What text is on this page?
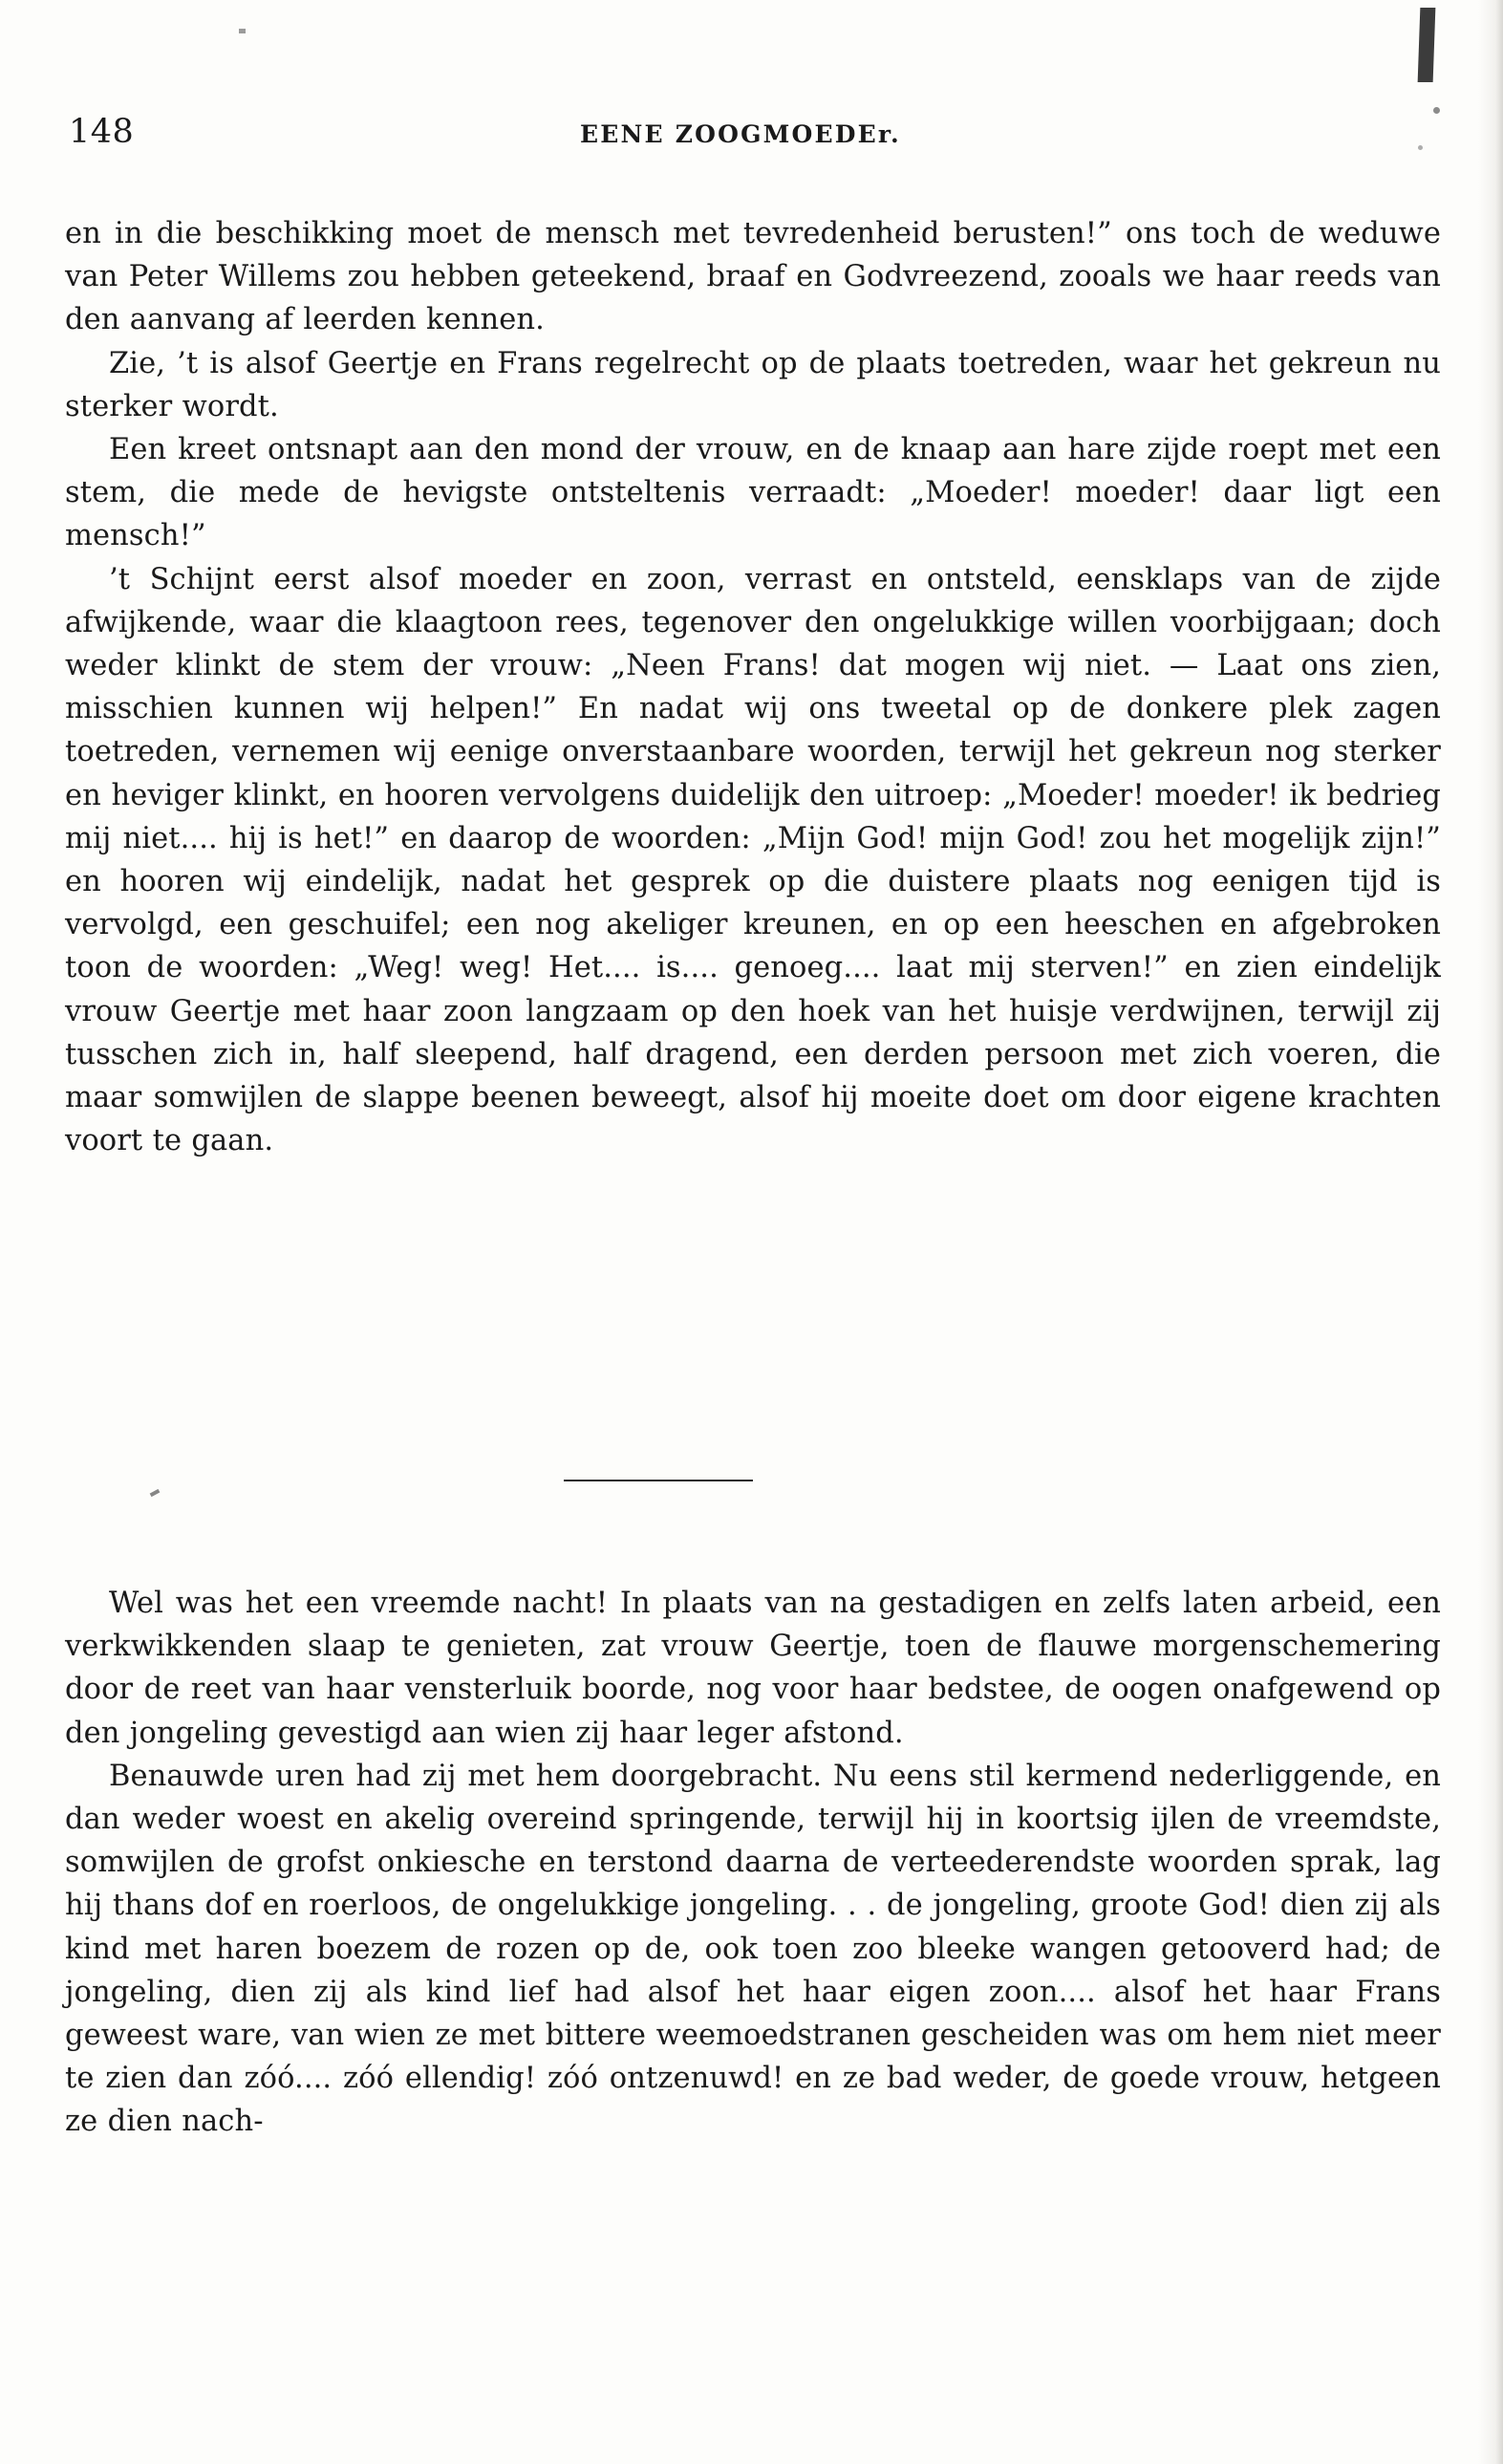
148	EENE ZOOGMOEDEr.

en in die beschikking moet de mensch met tevredenheid berusten!” ons toch de weduwe van Peter Willems zou hebben geteekend, braaf en Godvreezend, zooals we haar reeds van den aanvang af leerden kennen.

Zie, ’t is alsof Geertje en Frans regelrecht op de plaats toetreden, waar het gekreun nu sterker wordt.

Een kreet ontsnapt aan den mond der vrouw, en de knaap aan hare zijde roept met een stem, die mede de hevigste ontsteltenis verraadt: „Moeder! moeder! daar ligt een mensch!”

’t Schijnt eerst alsof moeder en zoon, verrast en ontsteld, eensklaps van de zijde afwijkende, waar die klaagtoon rees, tegenover den ongelukkige willen voorbijgaan; doch weder klinkt de stem der vrouw: „Neen Frans! dat mogen wij niet. — Laat ons zien, misschien kunnen wij helpen!” En nadat wij ons tweetal op de donkere plek zagen toetreden, vernemen wij eenige onverstaanbare woorden, terwijl het gekreun nog sterker en heviger klinkt, en hooren vervolgens duidelijk den uitroep: „Moeder! moeder! ik bedrieg mij niet.... hij is het!” en daarop de woorden: „Mijn God! mijn God! zou het mogelijk zijn!” en hooren wij eindelijk, nadat het gesprek op die duistere plaats nog eenigen tijd is vervolgd, een geschuifel; een nog akeliger kreunen, en op een heeschen en afgebroken toon de woorden: „Weg! weg! Het.... is.... genoeg.... laat mij sterven!” en zien eindelijk vrouw Geertje met haar zoon langzaam op den hoek van het huisje verdwijnen, terwijl zij tusschen zich in, half sleepend, half dragend, een derden persoon met zich voeren, die maar somwijlen de slappe beenen beweegt, alsof hij moeite doet om door eigene krachten voort te gaan.

Wel was het een vreemde nacht! In plaats van na gestadigen en zelfs laten arbeid, een verkwikkenden slaap te genieten, zat vrouw Geertje, toen de flauwe morgenschemering door de reet van haar vensterluik boorde, nog voor haar bedstee, de oogen onafgewend op den jongeling gevestigd aan wien zij haar leger afstond.

Benauwde uren had zij met hem doorgebracht. Nu eens stil kermend nederliggende, en dan weder woest en akelig overeind springende, terwijl hij in koortsig ijlen de vreemdste, somwijlen de grofst onkiesche en terstond daarna de verteederendste woorden sprak, lag hij thans dof en roerloos, de ongelukkige jongeling. . . de jongeling, groote God! dien zij als kind met haren boezem de rozen op de, ook toen zoo bleeke wangen getooverd had; de jongeling, dien zij als kind lief had alsof het haar eigen zoon.... alsof het haar Frans geweest ware, van wien ze met bittere weemoedstranen gescheiden was om hem niet meer te zien dan zóó.... zóó ellendig! zóó ontzenuwd! en ze bad weder, de goede vrouw, hetgeen ze dien nach-
